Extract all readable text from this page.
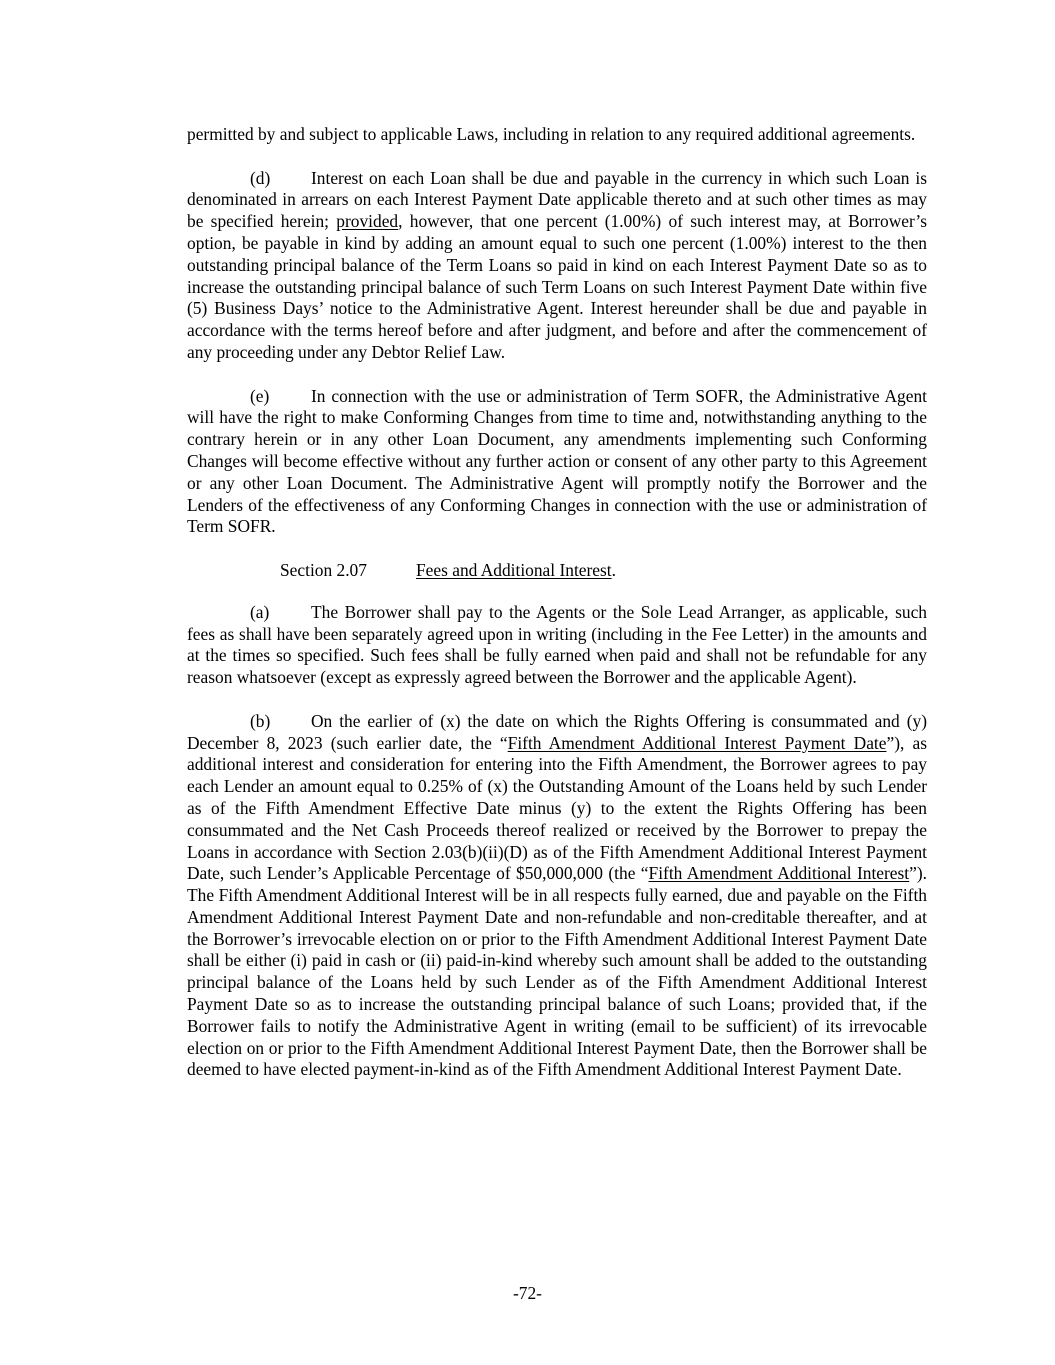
permitted by and subject to applicable Laws, including in relation to any required additional agreements.

(d) Interest on each Loan shall be due and payable in the currency in which such Loan is denominated in arrears on each Interest Payment Date applicable thereto and at such other times as may be specified herein; provided, however, that one percent (1.00%) of such interest may, at Borrower’s option, be payable in kind by adding an amount equal to such one percent (1.00%) interest to the then outstanding principal balance of the Term Loans so paid in kind on each Interest Payment Date so as to increase the outstanding principal balance of such Term Loans on such Interest Payment Date within five (5) Business Days’ notice to the Administrative Agent. Interest hereunder shall be due and payable in accordance with the terms hereof before and after judgment, and before and after the commencement of any proceeding under any Debtor Relief Law.

(e) In connection with the use or administration of Term SOFR, the Administrative Agent will have the right to make Conforming Changes from time to time and, notwithstanding anything to the contrary herein or in any other Loan Document, any amendments implementing such Conforming Changes will become effective without any further action or consent of any other party to this Agreement or any other Loan Document. The Administrative Agent will promptly notify the Borrower and the Lenders of the effectiveness of any Conforming Changes in connection with the use or administration of Term SOFR.

Section 2.07	Fees and Additional Interest.

(a) The Borrower shall pay to the Agents or the Sole Lead Arranger, as applicable, such fees as shall have been separately agreed upon in writing (including in the Fee Letter) in the amounts and at the times so specified. Such fees shall be fully earned when paid and shall not be refundable for any reason whatsoever (except as expressly agreed between the Borrower and the applicable Agent).

(b) On the earlier of (x) the date on which the Rights Offering is consummated and (y) December 8, 2023 (such earlier date, the “Fifth Amendment Additional Interest Payment Date”), as additional interest and consideration for entering into the Fifth Amendment, the Borrower agrees to pay each Lender an amount equal to 0.25% of (x) the Outstanding Amount of the Loans held by such Lender as of the Fifth Amendment Effective Date minus (y) to the extent the Rights Offering has been consummated and the Net Cash Proceeds thereof realized or received by the Borrower to prepay the Loans in accordance with Section 2.03(b)(ii)(D) as of the Fifth Amendment Additional Interest Payment Date, such Lender’s Applicable Percentage of $50,000,000 (the “Fifth Amendment Additional Interest”). The Fifth Amendment Additional Interest will be in all respects fully earned, due and payable on the Fifth Amendment Additional Interest Payment Date and non-refundable and non-creditable thereafter, and at the Borrower’s irrevocable election on or prior to the Fifth Amendment Additional Interest Payment Date shall be either (i) paid in cash or (ii) paid-in-kind whereby such amount shall be added to the outstanding principal balance of the Loans held by such Lender as of the Fifth Amendment Additional Interest Payment Date so as to increase the outstanding principal balance of such Loans; provided that, if the Borrower fails to notify the Administrative Agent in writing (email to be sufficient) of its irrevocable election on or prior to the Fifth Amendment Additional Interest Payment Date, then the Borrower shall be deemed to have elected payment-in-kind as of the Fifth Amendment Additional Interest Payment Date.

-72-
